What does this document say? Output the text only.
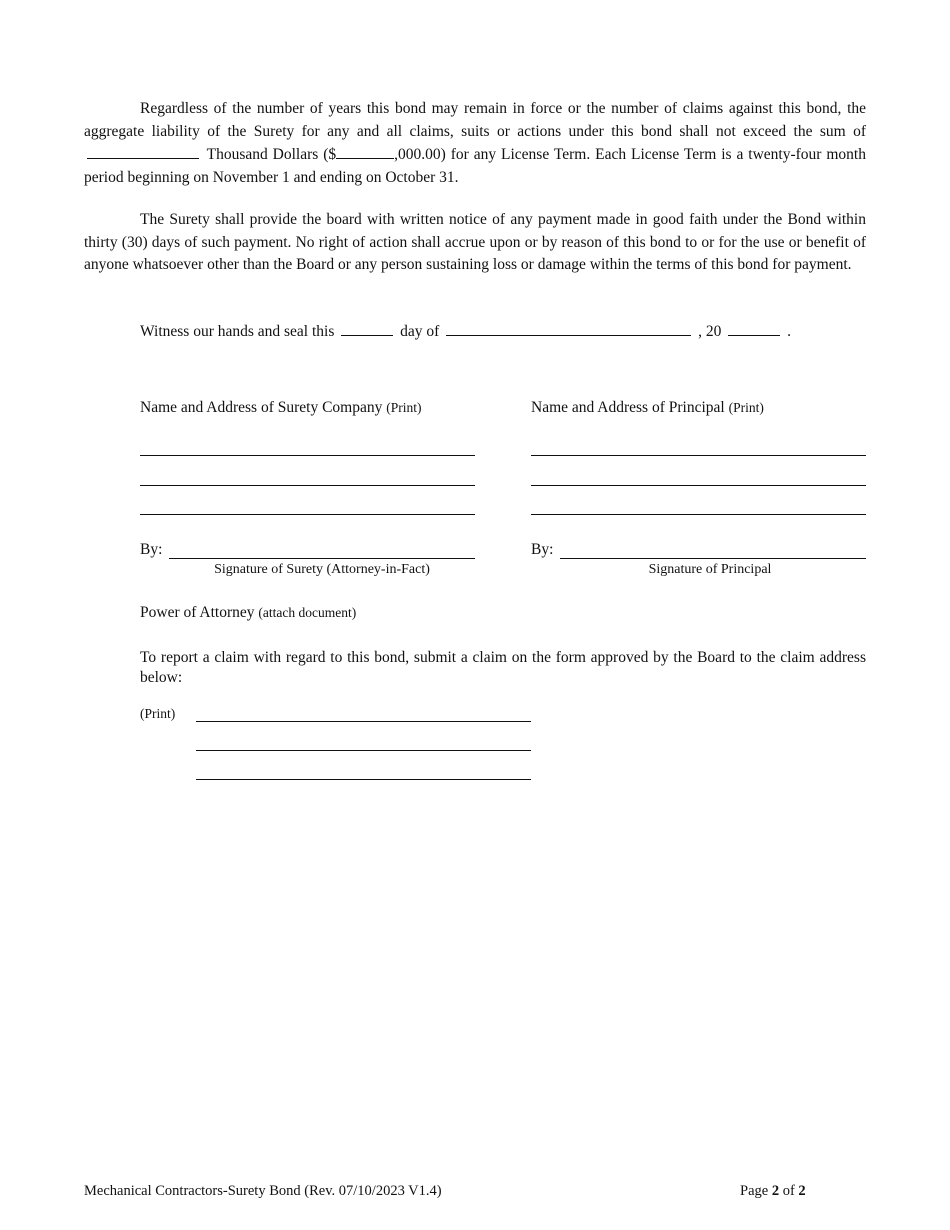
Regardless of the number of years this bond may remain in force or the number of claims against this bond, the aggregate liability of the Surety for any and all claims, suits or actions under this bond shall not exceed the sum of  Thousand Dollars ($	,000.00) for any License Term. Each License Term is a twenty-four month period beginning on November 1 and ending on October 31.

The Surety shall provide the board with written notice of any payment made in good faith under the Bond within thirty (30) days of such payment. No right of action shall accrue upon or by reason of this bond to or for the use or benefit of anyone whatsoever other than the Board or any person sustaining loss or damage within the terms of this bond for payment.

Witness our hands and seal this	day of	, 20	.
Name and Address of Surety Company (Print)
By:
Signature of Surety (Attorney-in-Fact)
Name and Address of Principal (Print)
By:
Signature of Principal
Power of Attorney (attach document)
To report a claim with regard to this bond, submit a claim on the form approved by the Board to the claim address below:
(Print)
Mechanical Contractors-Surety Bond (Rev. 07/10/2023 V1.4)	Page 2 of 2
